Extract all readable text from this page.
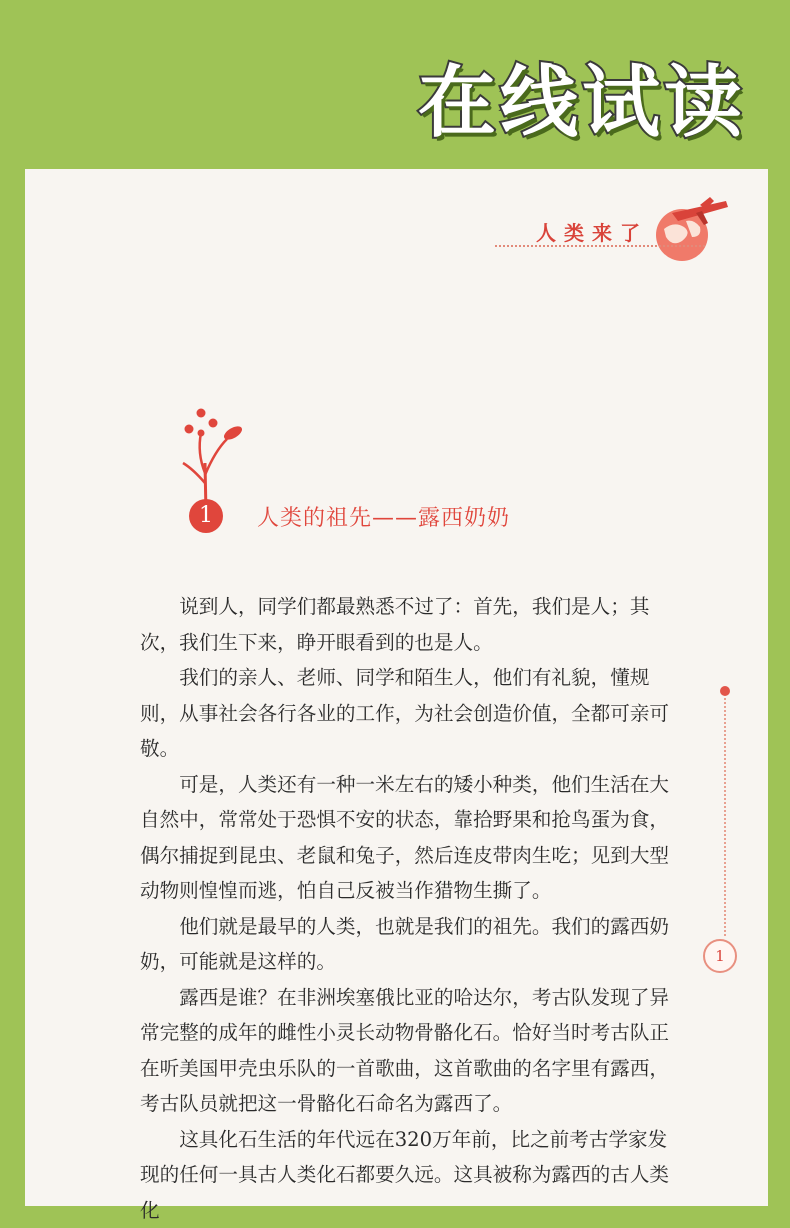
在线试读
人类来了
1	人类的祖先——露西奶奶

说到人，同学们都最熟悉不过了：首先，我们是人；其次，我们生下来，睁开眼看到的也是人。

我们的亲人、老师、同学和陌生人，他们有礼貌，懂规则，从事社会各行各业的工作，为社会创造价值，全都可亲可敬。

可是，人类还有一种一米左右的矮小种类，他们生活在大自然中，常常处于恐惧不安的状态，靠拾野果和抢鸟蛋为食，偶尔捕捉到昆虫、老鼠和兔子，然后连皮带肉生吃；见到大型动物则惶惶而逃，怕自己反被当作猎物生撕了。

他们就是最早的人类，也就是我们的祖先。我们的露西奶奶，可能就是这样的。

露西是谁？在非洲埃塞俄比亚的哈达尔，考古队发现了异常完整的成年的雌性小灵长动物骨骼化石。恰好当时考古队正在听美国甲壳虫乐队的一首歌曲，这首歌曲的名字里有露西，考古队员就把这一骨骼化石命名为露西了。

这具化石生活的年代远在320万年前，比之前考古学家发现的任何一具古人类化石都要久远。这具被称为露西的古人类化

1
